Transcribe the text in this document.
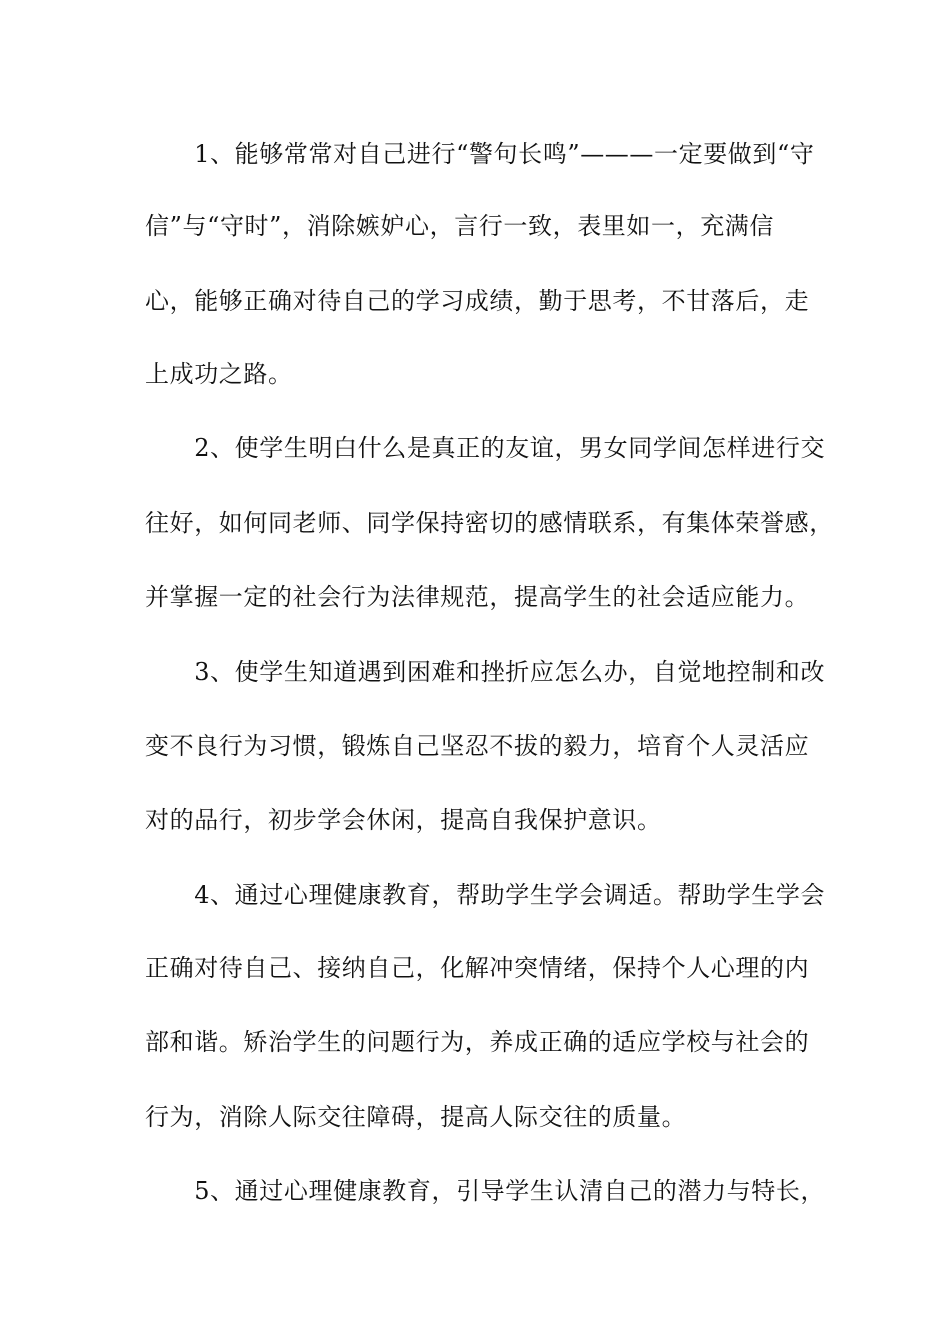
　　1、能够常常对自己进行“警句长鸣”———一定要做到“守
信”与“守时”，消除嫉妒心，言行一致，表里如一，充满信
心，能够正确对待自己的学习成绩，勤于思考，不甘落后，走
上成功之路。
　　2、使学生明白什么是真正的友谊，男女同学间怎样进行交
往好，如何同老师、同学保持密切的感情联系，有集体荣誉感，
并掌握一定的社会行为法律规范，提高学生的社会适应能力。
　　3、使学生知道遇到困难和挫折应怎么办，自觉地控制和改
变不良行为习惯，锻炼自己坚忍不拔的毅力，培育个人灵活应
对的品行，初步学会休闲，提高自我保护意识。
　　4、通过心理健康教育，帮助学生学会调适。帮助学生学会
正确对待自己、接纳自己，化解冲突情绪，保持个人心理的内
部和谐。矫治学生的问题行为，养成正确的适应学校与社会的
行为，消除人际交往障碍，提高人际交往的质量。
　　5、通过心理健康教育，引导学生认清自己的潜力与特长，
